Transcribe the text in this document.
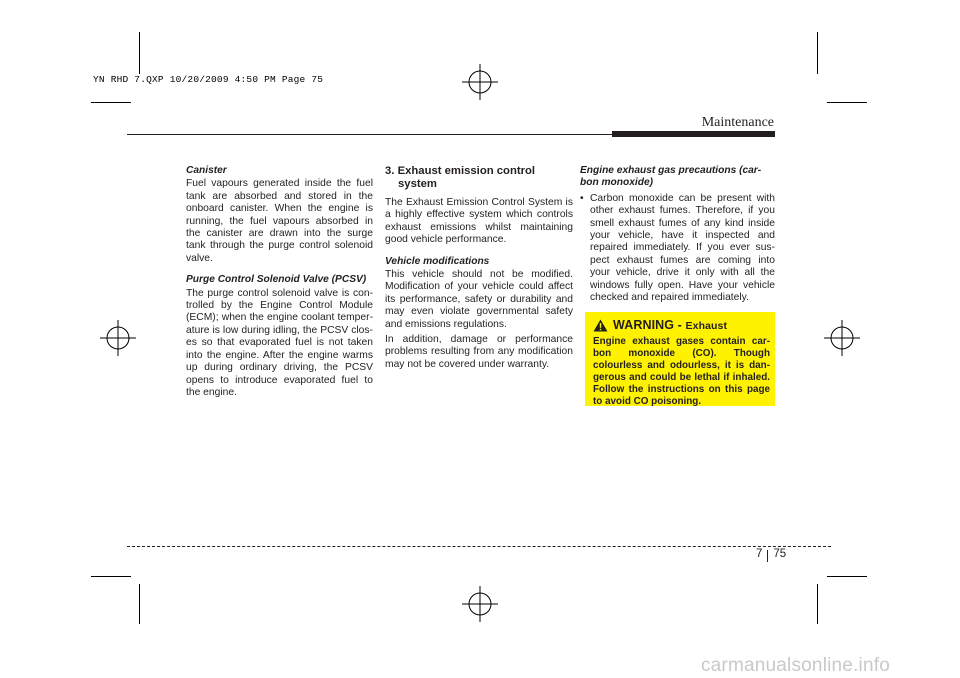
YN RHD 7.QXP 10/20/2009 4:50 PM Page 75
Maintenance
Canister
Fuel vapours generated inside the fuel tank are absorbed and stored in the onboard canister. When the engine is running, the fuel vapours absorbed in the canister are drawn into the surge tank through the purge control solenoid valve.
Purge Control Solenoid Valve (PCSV)
The purge control solenoid valve is con-trolled by the Engine Control Module (ECM); when the engine coolant temper-ature is low during idling, the PCSV clos-es so that evaporated fuel is not taken into the engine. After the engine warms up during ordinary driving, the PCSV opens to introduce evaporated fuel to the engine.
3. Exhaust emission control
system
The Exhaust Emission Control System is a highly effective system which controls exhaust emissions whilst maintaining good vehicle performance.
Vehicle modifications
This vehicle should not be modified. Modification of your vehicle could affect its performance, safety or durability and may even violate governmental safety and emissions regulations.
In addition, damage or performance problems resulting from any modification may not be covered under warranty.
Engine exhaust gas precautions (car-bon monoxide)
• Carbon monoxide can be present with other exhaust fumes. Therefore, if you smell exhaust fumes of any kind inside your vehicle, have it inspected and repaired immediately. If you ever sus-pect exhaust fumes are coming into your vehicle, drive it only with all the windows fully open. Have your vehicle checked and repaired immediately.
WARNING - Exhaust
Engine exhaust gases contain car-bon monoxide (CO). Though colourless and odourless, it is dan-gerous and could be lethal if inhaled. Follow the instructions on this page to avoid CO poisoning.
7 75
carmanualsonline.info
